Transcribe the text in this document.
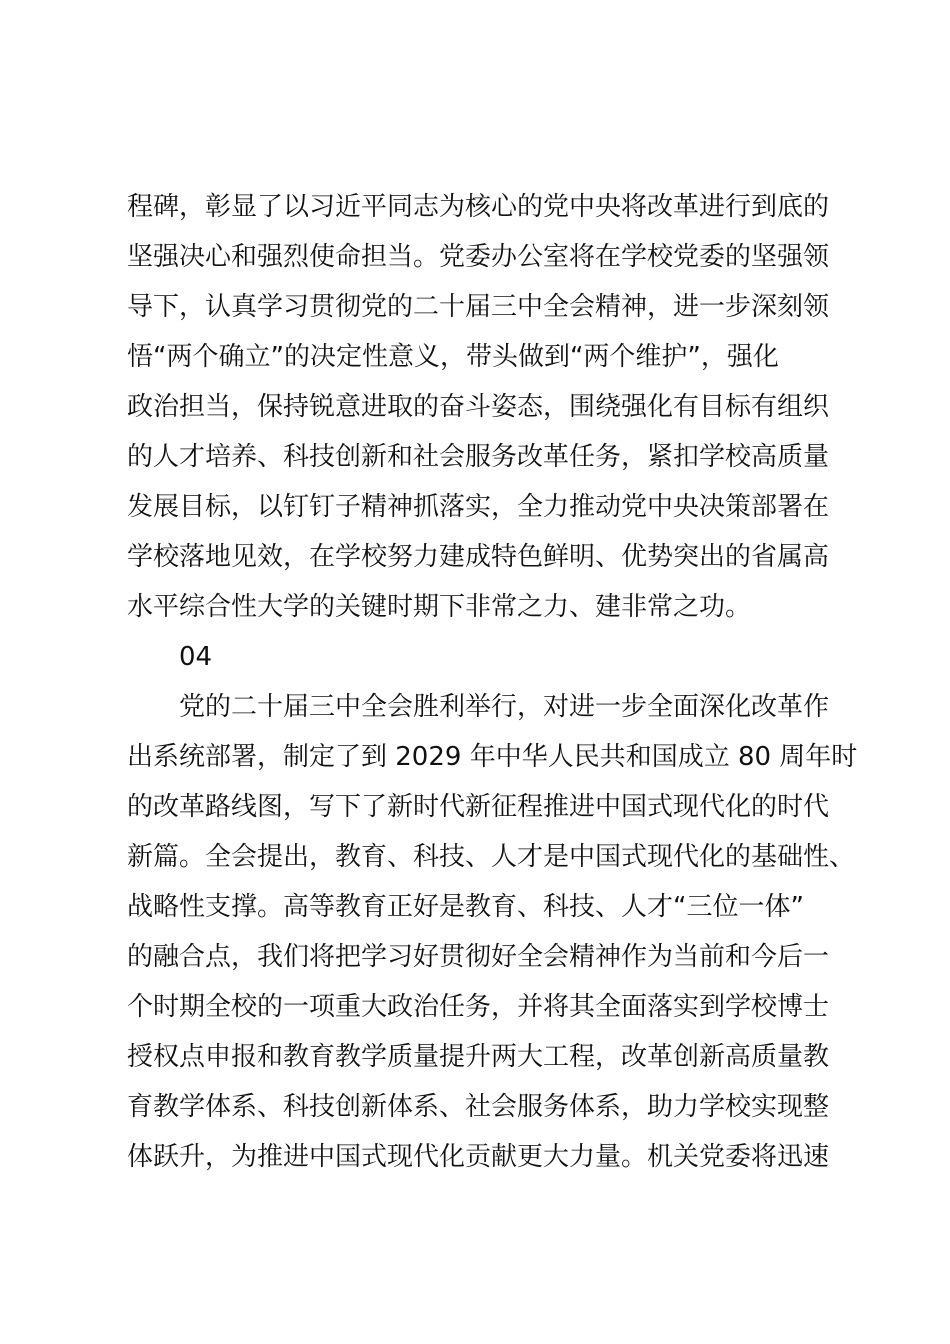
程碑，彰显了以习近平同志为核心的党中央将改革进行到底的
坚强决心和强烈使命担当。党委办公室将在学校党委的坚强领
导下，认真学习贯彻党的二十届三中全会精神，进一步深刻领
悟“两个确立”的决定性意义，带头做到“两个维护”，强化
政治担当，保持锐意进取的奋斗姿态，围绕强化有目标有组织
的人才培养、科技创新和社会服务改革任务，紧扣学校高质量
发展目标，以钉钉子精神抓落实，全力推动党中央决策部署在
学校落地见效，在学校努力建成特色鲜明、优势突出的省属高
水平综合性大学的关键时期下非常之力、建非常之功。
04
党的二十届三中全会胜利举行，对进一步全面深化改革作
出系统部署，制定了到 2029 年中华人民共和国成立 80 周年时
的改革路线图，写下了新时代新征程推进中国式现代化的时代
新篇。全会提出，教育、科技、人才是中国式现代化的基础性、
战略性支撑。高等教育正好是教育、科技、人才“三位一体”
的融合点，我们将把学习好贯彻好全会精神作为当前和今后一
个时期全校的一项重大政治任务，并将其全面落实到学校博士
授权点申报和教育教学质量提升两大工程，改革创新高质量教
育教学体系、科技创新体系、社会服务体系，助力学校实现整
体跃升，为推进中国式现代化贡献更大力量。机关党委将迅速
